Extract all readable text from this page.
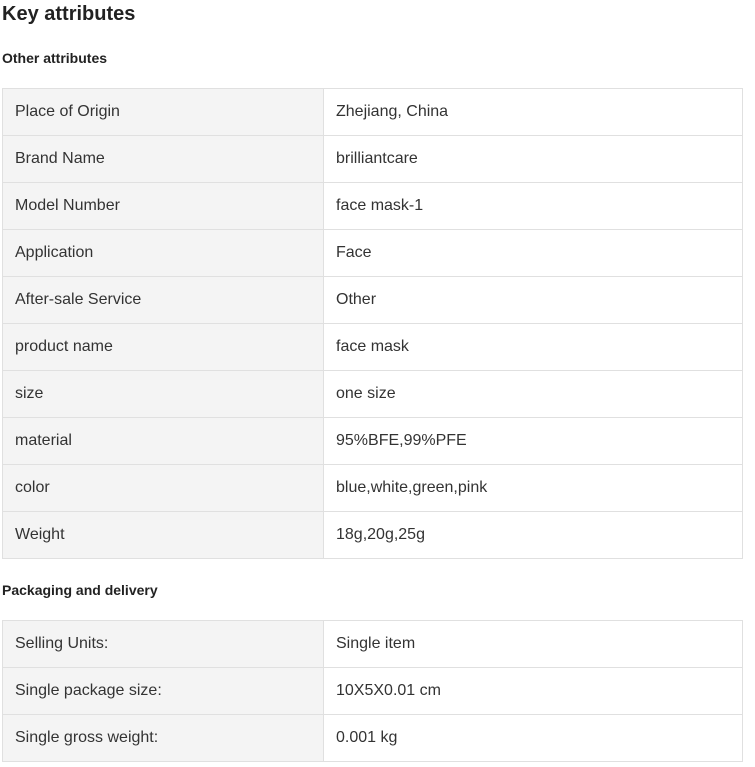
Key attributes
Other attributes
Place of Origin	Zhejiang, China
Brand Name	brilliantcare
Model Number	face mask-1
Application	Face
After-sale Service	Other
product name	face mask
size	one size
material	95%BFE,99%PFE
color	blue,white,green,pink
Weight	18g,20g,25g
Packaging and delivery
Selling Units:	Single item
Single package size:	10X5X0.01 cm
Single gross weight:	0.001 kg
